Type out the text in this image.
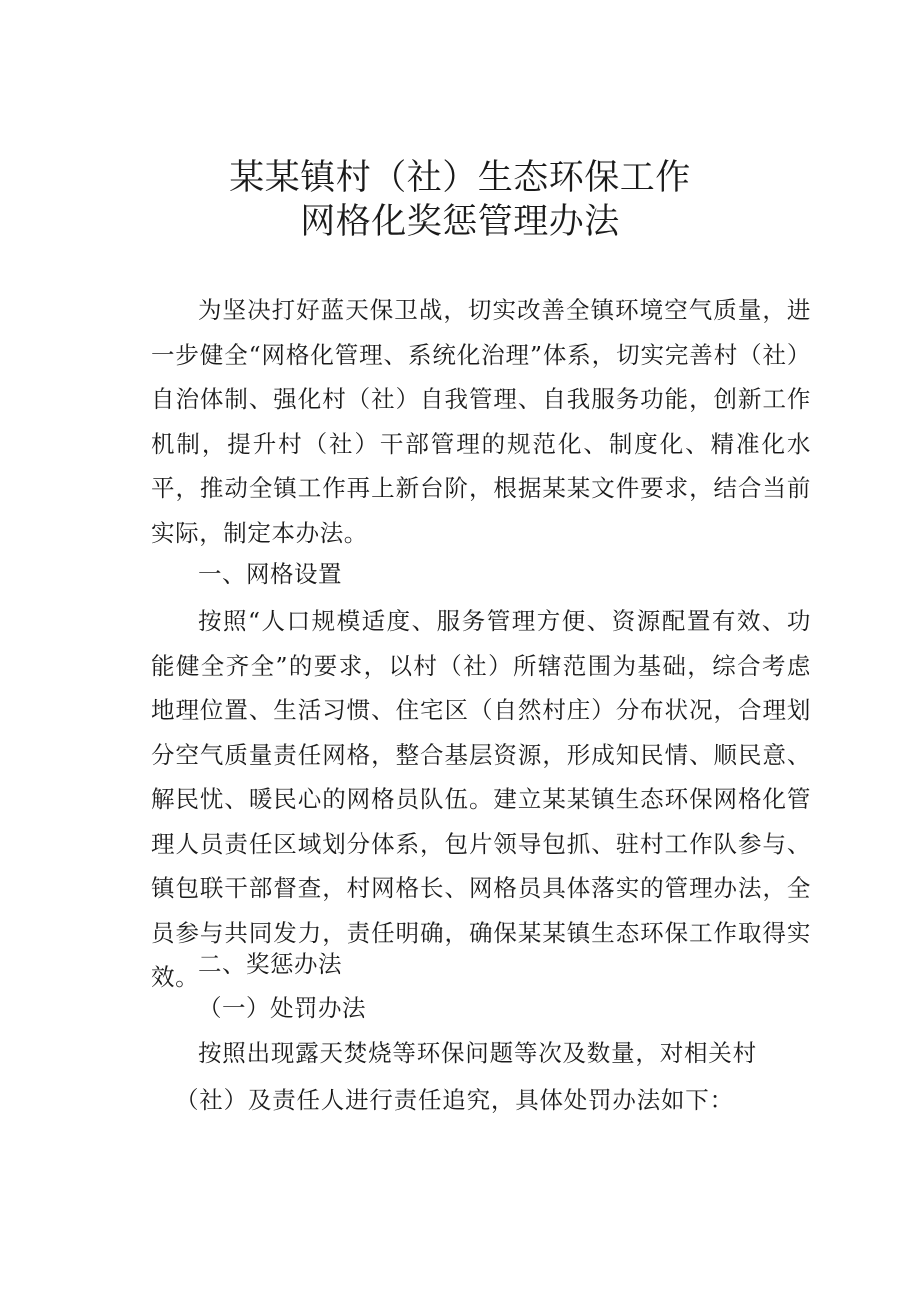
某某镇村（社）生态环保工作
网格化奖惩管理办法

为坚决打好蓝天保卫战，切实改善全镇环境空气质量，进一步健全“网格化管理、系统化治理”体系，切实完善村（社）自治体制、强化村（社）自我管理、自我服务功能，创新工作机制，提升村（社）干部管理的规范化、制度化、精准化水平，推动全镇工作再上新台阶，根据某某文件要求，结合当前实际，制定本办法。

一、网格设置

按照“人口规模适度、服务管理方便、资源配置有效、功能健全齐全”的要求，以村（社）所辖范围为基础，综合考虑地理位置、生活习惯、住宅区（自然村庄）分布状况，合理划分空气质量责任网格，整合基层资源，形成知民情、顺民意、解民忧、暖民心的网格员队伍。建立某某镇生态环保网格化管理人员责任区域划分体系，包片领导包抓、驻村工作队参与、镇包联干部督查，村网格长、网格员具体落实的管理办法，全员参与共同发力，责任明确，确保某某镇生态环保工作取得实效。

二、奖惩办法
（一）处罚办法
按照出现露天焚烧等环保问题等次及数量，对相关村
（社）及责任人进行责任追究，具体处罚办法如下：
